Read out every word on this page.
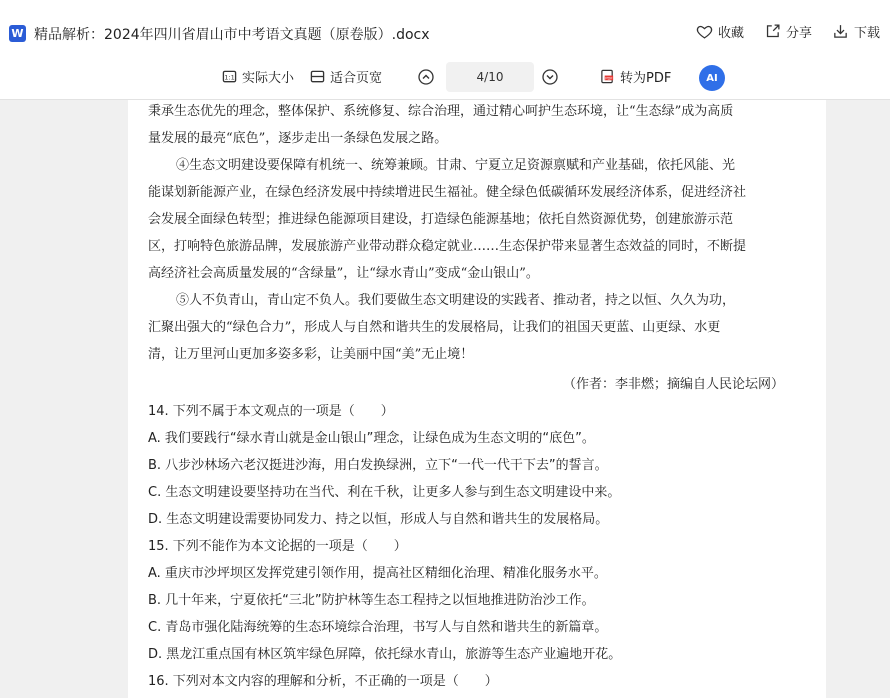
W 精品解析：2024年四川省眉山市中考语文真题（原卷版）.docx	收藏	分享	下载
1:1 实际大小	适合页宽	4/10	PDF 转为PDF	AI
秉承生态优先的理念，整体保护、系统修复、综合治理，通过精心呵护生态环境，让“生态绿”成为高质
量发展的最亮“底色”，逐步走出一条绿色发展之路。
④生态文明建设要保障有机统一、统筹兼顾。甘肃、宁夏立足资源禀赋和产业基础，依托风能、光
能谋划新能源产业，在绿色经济发展中持续增进民生福祉。健全绿色低碳循环发展经济体系，促进经济社
会发展全面绿色转型；推进绿色能源项目建设，打造绿色能源基地；依托自然资源优势，创建旅游示范
区，打响特色旅游品牌，发展旅游产业带动群众稳定就业……生态保护带来显著生态效益的同时，不断提
高经济社会高质量发展的“含绿量”，让“绿水青山”变成“金山银山”。
⑤人不负青山，青山定不负人。我们要做生态文明建设的实践者、推动者，持之以恒、久久为功，
汇聚出强大的“绿色合力”，形成人与自然和谐共生的发展格局，让我们的祖国天更蓝、山更绿、水更
清，让万里河山更加多姿多彩，让美丽中国“美”无止境！
（作者：李非燃；摘编自人民论坛网）
14. 下列不属于本文观点的一项是（　　）
A. 我们要践行“绿水青山就是金山银山”理念，让绿色成为生态文明的“底色”。
B. 八步沙林场六老汉挺进沙海，用白发换绿洲，立下“一代一代干下去”的誓言。
C. 生态文明建设要坚持功在当代、利在千秋，让更多人参与到生态文明建设中来。
D. 生态文明建设需要协同发力、持之以恒，形成人与自然和谐共生的发展格局。
15. 下列不能作为本文论据的一项是（　　）
A. 重庆市沙坪坝区发挥党建引领作用，提高社区精细化治理、精准化服务水平。
B. 几十年来，宁夏依托“三北”防护林等生态工程持之以恒地推进防治沙工作。
C. 青岛市强化陆海统筹的生态环境综合治理，书写人与自然和谐共生的新篇章。
D. 黑龙江重点国有林区筑牢绿色屏障，依托绿水青山，旅游等生态产业遍地开花。
16. 下列对本文内容的理解和分析，不正确的一项是（　　）
